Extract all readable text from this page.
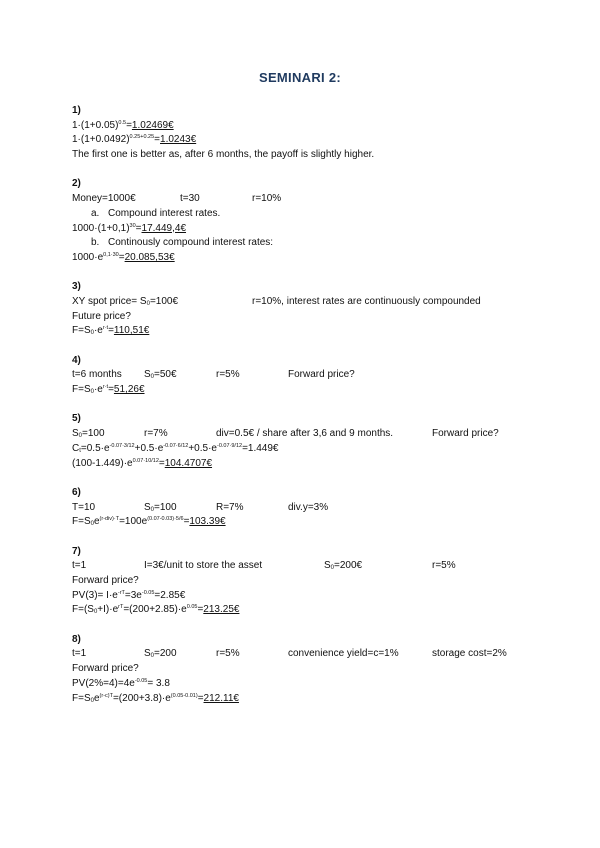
SEMINARI 2:
1)
$1\cdot(1+0.05)^{0.5}=1.02469€$
$1\cdot(1+0.0492)^{0.25+0.25}=1.0243€$
The first one is better as, after 6 months, the payoff is slightly higher.
2)
Money=1000€	t=30	r=10%
a. Compound interest rates.
$1000\cdot(1+0,1)^{30}=17.449,4€$
b. Continously compound interest rates:
$1000\cdot e^{0,1\cdot 30}=20.085,53€$
3)
XY spot price= $S_0=100€$	r=10%, interest rates are continuously compounded
Future price?
$F=S_0\cdot e^{r\cdot t}=110,51€$
4)
t=6 months $S_0=50€$	r=5%	Forward price?
$F=S_0\cdot e^{r\cdot t}=51,26€$
5)
$S_0=100$	r=7%	div=0.5€ / share after 3,6 and 9 months.	Forward price?
$C_t=0.5\cdot e^{-0.07\cdot 3/12}+0.5\cdot e^{-0.07\cdot 6/12}+0.5\cdot e^{-0.07\cdot 9/12}=1.449€$
$(100-1.449)\cdot e^{0.07\cdot 10/12}=104.4707€$
6)
T=10	$S_0=100$	R=7%	div.y=3%
$F=S_0e^{(r-div)\cdot T}=100e^{(0.07-0.03)\cdot 5/6}=103.39€$
7)
t=1	I=3€/unit to store the asset	$S_0=200€$	r=5%
Forward price?
$PV(3)= I\cdot e^{-rT}=3e^{-0.05}=2.85€$
$F=(S_0+I)\cdot e^{rT}=(200+2.85)\cdot e^{0.05}=213.25€$
8)
t=1	$S_0=200$	r=5%	convenience yield=c=1%	storage cost=2%
Forward price?
$PV(2\%=4)=4e^{-0.05}= 3.8$
$F=S_0e^{(r-c)T}=(200+3.8)\cdot e^{(0.05-0.01)}=212.11€$
